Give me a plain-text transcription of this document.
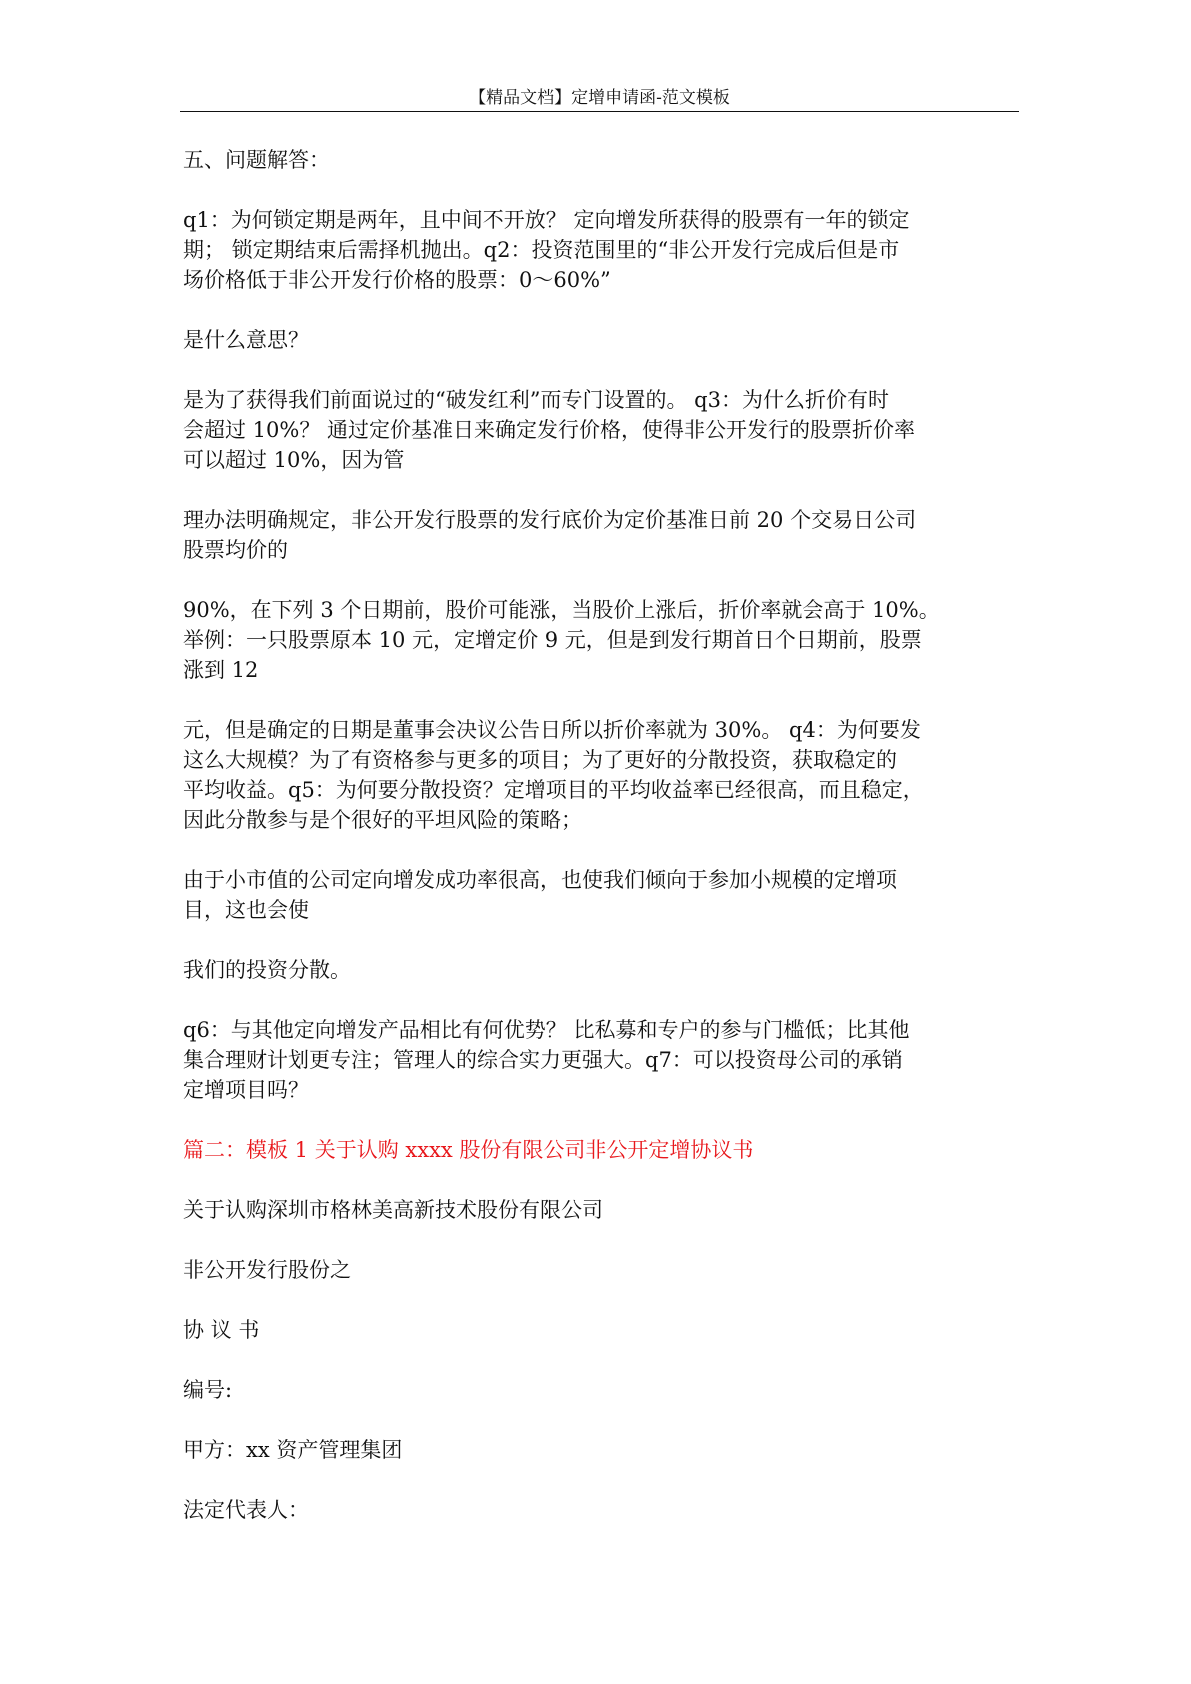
【精品文档】定增申请函-范文模板
五、问题解答：
q1：为何锁定期是两年，且中间不开放？ 定向增发所获得的股票有一年的锁定
期； 锁定期结束后需择机抛出。q2：投资范围里的“非公开发行完成后但是市
场价格低于非公开发行价格的股票：0～60%”
是什么意思？
是为了获得我们前面说过的“破发红利”而专门设置的。 q3：为什么折价有时
会超过 10%？ 通过定价基准日来确定发行价格，使得非公开发行的股票折价率
可以超过 10%，因为管
理办法明确规定，非公开发行股票的发行底价为定价基准日前 20 个交易日公司
股票均价的
90%，在下列 3 个日期前，股价可能涨，当股价上涨后，折价率就会高于 10%。
举例：一只股票原本 10 元，定增定价 9 元，但是到发行期首日个日期前，股票
涨到 12
元，但是确定的日期是董事会决议公告日所以折价率就为 30%。 q4：为何要发
这么大规模？为了有资格参与更多的项目；为了更好的分散投资，获取稳定的
平均收益。q5：为何要分散投资？定增项目的平均收益率已经很高，而且稳定，
因此分散参与是个很好的平坦风险的策略；
由于小市值的公司定向增发成功率很高，也使我们倾向于参加小规模的定增项
目，这也会使
我们的投资分散。
q6：与其他定向增发产品相比有何优势？ 比私募和专户的参与门槛低；比其他
集合理财计划更专注；管理人的综合实力更强大。q7：可以投资母公司的承销
定增项目吗？
篇二：模板 1 关于认购 xxxx 股份有限公司非公开定增协议书
关于认购深圳市格林美高新技术股份有限公司
非公开发行股份之
协 议 书
编号:
甲方：xx 资产管理集团
法定代表人：
